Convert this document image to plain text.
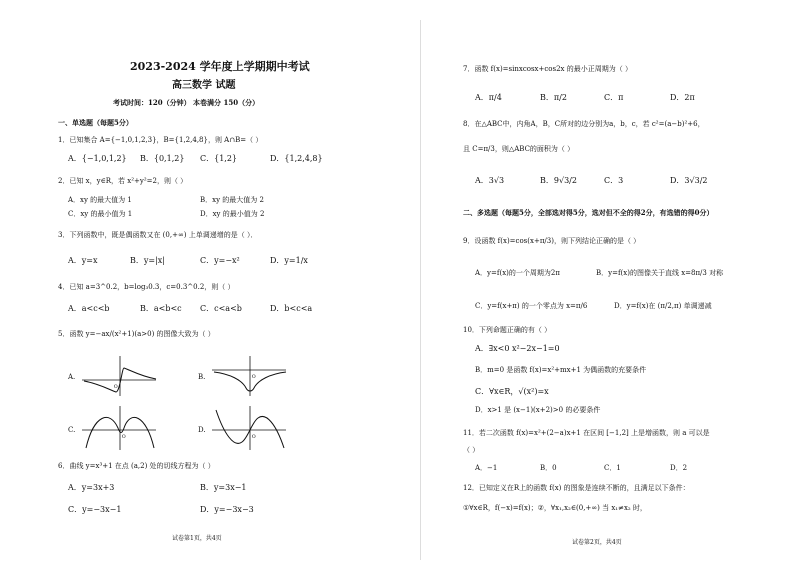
2023-2024 学年度上学期期中考试
高三数学 试题
考试时间：120（分钟） 本卷满分 150（分）
一、单选题（每题5分）
1．已知集合 A={−1,0,1,2,3}，B={1,2,4,8}，则 A∩B=（ ）
A．{−1,0,1,2} B．{0,1,2} C．{1,2}	D．{1,2,4,8}
2．已知 x，y∈R，若 x²+y²=2，则（ ）
A．xy 的最大值为 1	B．xy 的最大值为 2
C．xy 的最小值为 1	D．xy 的最小值为 2
3．下列函数中，既是偶函数又在 (0,+∞) 上单调递增的是（ ）．
A．y=x	B．y=|x|	C．y=−x²	D．y=1/x
4．已知 a=3^0.2，b=log₃0.3，c=0.3^0.2，则（ ）
A．a<c<b	B．a<b<c C．c<a<b	D．b<c<a
5．函数 y=−ax/(x²+1)(a>0) 的图像大致为（ ）
A.
O
B.	O
C.
O
D.
O
6．曲线 y=x³+1 在点 (a,2) 处的切线方程为（ ）
A．y=3x+3	B．y=3x−1
C．y=−3x−1	D．y=−3x−3
试卷第1页，共4页
7．函数 f(x)=sinxcosx+cos2x 的最小正周期为（ ）
A．π/4	B．π/2	C．π	D．2π
8．在△ABC中，内角A，B，C所对的边分别为a，b，c，若 c²=(a−b)²+6，
且 C=π/3，则△ABC的面积为（ ）
A．3√3	B．9√3/2	C．3	D．3√3/2
二、多选题（每题5分，全部选对得5分，选对但不全的得2分，有选错的得0分）
9．设函数 f(x)=cos(x+π/3)，则下列结论正确的是（ ）
A．y=f(x)的一个周期为2π	B．y=f(x)的图像关于直线 x=8π/3 对称
C．y=f(x+π) 的一个零点为 x=π/6	D．y=f(x)在 (π/2,π) 单调递减
10．下列命题正确的有（ ）
A．∃x<0 x²−2x−1=0
B．m=0 是函数 f(x)=x²+mx+1 为偶函数的充要条件
C．∀x∈R，√(x²)=x
D．x>1 是 (x−1)(x+2)>0 的必要条件
11．若二次函数 f(x)=x²+(2−a)x+1 在区间 [−1,2] 上是增函数，则 a 可以是
（ ）
A．−1	B．0	C．1	D．2
12．已知定义在R上的函数 f(x) 的图象是连续不断的，且满足以下条件：
①∀x∈R，f(−x)=f(x)；②，∀x₁,x₂∈(0,+∞) 当 x₁≠x₂ 时，
试卷第2页，共4页
